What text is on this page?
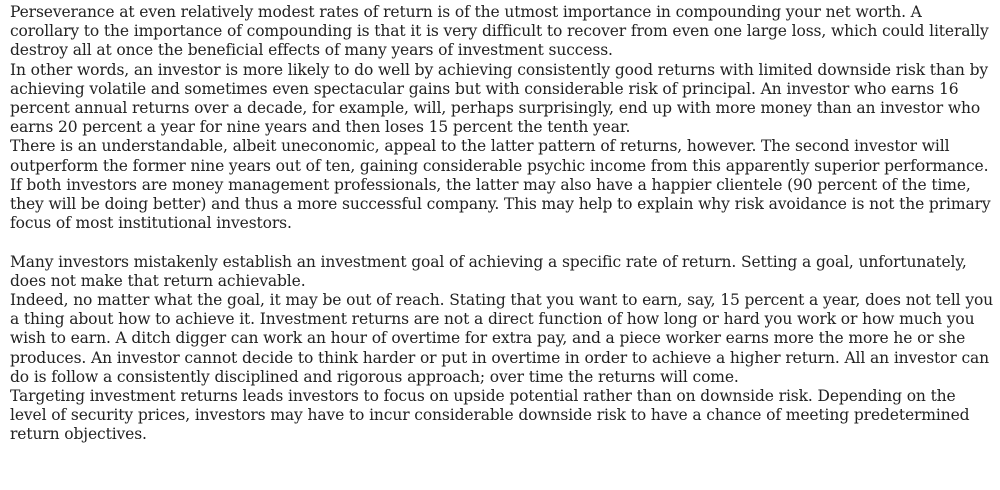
Perseverance at even relatively modest rates of return is of the utmost importance in compounding your net worth. A corollary to the importance of compounding is that it is very difficult to recover from even one large loss, which could literally destroy all at once the beneficial effects of many years of investment success.

In other words, an investor is more likely to do well by achieving consistently good returns with limited downside risk than by achieving volatile and sometimes even spectacular gains but with considerable risk of principal. An investor who earns 16 percent annual returns over a decade, for example, will, perhaps surprisingly, end up with more money than an investor who earns 20 percent a year for nine years and then loses 15 percent the tenth year.

There is an understandable, albeit uneconomic, appeal to the latter pattern of returns, however. The second investor will outperform the former nine years out of ten, gaining considerable psychic income from this apparently superior performance. If both investors are money management professionals, the latter may also have a happier clientele (90 percent of the time, they will be doing better) and thus a more successful company. This may help to explain why risk avoidance is not the primary focus of most institutional investors.

Many investors mistakenly establish an investment goal of achieving a specific rate of return. Setting a goal, unfortunately, does not make that return achievable.

Indeed, no matter what the goal, it may be out of reach. Stating that you want to earn, say, 15 percent a year, does not tell you a thing about how to achieve it. Investment returns are not a direct function of how long or hard you work or how much you wish to earn. A ditch digger can work an hour of overtime for extra pay, and a piece worker earns more the more he or she produces. An investor cannot decide to think harder or put in overtime in order to achieve a higher return. All an investor can do is follow a consistently disciplined and rigorous approach; over time the returns will come.

Targeting investment returns leads investors to focus on upside potential rather than on downside risk. Depending on the level of security prices, investors may have to incur considerable downside risk to have a chance of meeting predetermined return objectives.
